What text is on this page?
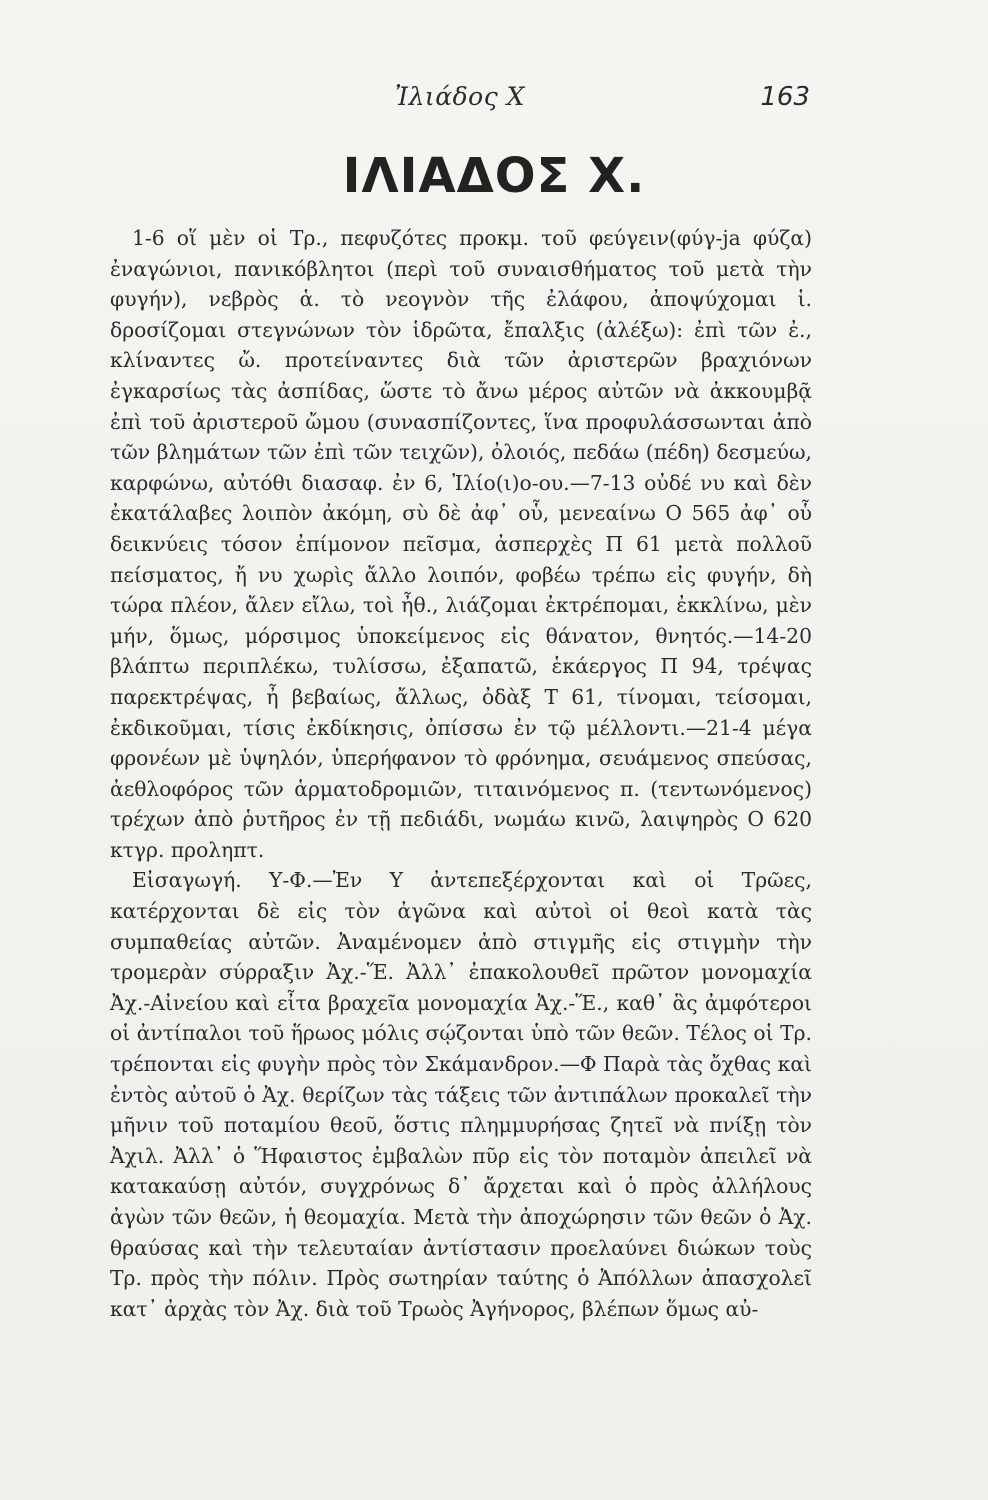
Ἰλιάδος Χ	163
ΙΛΙΑΔΟΣ Χ.

1-6 οἵ μὲν οἱ Τρ., πεφυζότες προκμ. τοῦ φεύγειν(φύγ-ja φύζα) ἐναγώνιοι, πανικόβλητοι (περὶ τοῦ συναισθήματος τοῦ μετὰ τὴν φυγήν), νεβρὸς ἁ. τὸ νεογνὸν τῆς ἐλάφου, ἀποψύχομαι ἱ. δροσίζομαι στεγνώνων τὸν ἱδρῶτα, ἔπαλξις (ἀλέξω): ἐπὶ τῶν ἐ., κλίναντες ὤ. προτείναντες διὰ τῶν ἀριστερῶν βραχιόνων ἐγκαρσίως τὰς ἀσπίδας, ὥστε τὸ ἄνω μέρος αὐτῶν νὰ ἀκκουμβᾷ ἐπὶ τοῦ ἀριστεροῦ ὤμου (συνασπίζοντες, ἵνα προφυλάσσωνται ἀπὸ τῶν βλημάτων τῶν ἐπὶ τῶν τειχῶν), ὀλοιός, πεδάω (πέδη) δεσμεύω, καρφώνω, αὐτόθι διασαφ. ἐν 6, Ἰλίο(ι)ο-ου.—7-13 οὐδέ νυ καὶ δὲν ἐκατάλαβες λοιπὸν ἀκόμη, σὺ δὲ ἀφ᾽ οὗ, μενεαίνω Ο 565 ἀφ᾽ οὗ δεικνύεις τόσον ἐπίμονον πεῖσμα, ἀσπερχὲς Π 61 μετὰ πολλοῦ πείσματος, ἤ νυ χωρὶς ἄλλο λοιπόν, φοβέω τρέπω εἰς φυγήν, δὴ τώρα πλέον, ἄλεν εἴλω, τοὶ ἦθ., λιάζομαι ἐκτρέπομαι, ἐκκλίνω, μὲν μήν, ὅμως, μόρσιμος ὑποκείμενος εἰς θάνατον, θνητός.—14-20 βλάπτω περιπλέκω, τυλίσσω, ἐξαπατῶ, ἑκάεργος Π 94, τρέψας παρεκτρέψας, ἦ βεβαίως, ἄλλως, ὀδὰξ Τ 61, τίνομαι, τείσομαι, ἐκδικοῦμαι, τίσις ἐκδίκησις, ὀπίσσω ἐν τῷ μέλλοντι.—21-4 μέγα φρονέων μὲ ὑψηλόν, ὑπερήφανον τὸ φρόνημα, σευάμενος σπεύσας, ἀεθλοφόρος τῶν ἁρματοδρομιῶν, τιταινόμενος π. (τεντωνόμενος) τρέχων ἀπὸ ῥυτῆρος ἐν τῇ πεδιάδι, νωμάω κινῶ, λαιψηρὸς Ο 620 κτγρ. προληπτ.

Εἰσαγωγή. Υ-Φ.—Ἐν Υ ἀντεπεξέρχονται καὶ οἱ Τρῶες, κατέρχονται δὲ εἰς τὸν ἀγῶνα καὶ αὐτοὶ οἱ θεοὶ κατὰ τὰς συμπαθείας αὐτῶν. Ἀναμένομεν ἀπὸ στιγμῆς εἰς στιγμὴν τὴν τρομερὰν σύρραξιν Ἀχ.-Ἕ. Ἀλλ᾽ ἐπακολουθεῖ πρῶτον μονομαχία Ἀχ.-Αἰνείου καὶ εἶτα βραχεῖα μονομαχία Ἀχ.-Ἕ., καθ᾽ ἃς ἀμφότεροι οἱ ἀντίπαλοι τοῦ ἥρωος μόλις σῴζονται ὑπὸ τῶν θεῶν. Τέλος οἱ Τρ. τρέπονται εἰς φυγὴν πρὸς τὸν Σκάμανδρον.—Φ Παρὰ τὰς ὄχθας καὶ ἐντὸς αὐτοῦ ὁ Ἀχ. θερίζων τὰς τάξεις τῶν ἀντιπάλων προκαλεῖ τὴν μῆνιν τοῦ ποταμίου θεοῦ, ὅστις πλημμυρήσας ζητεῖ νὰ πνίξῃ τὸν Ἀχιλ. Ἀλλ᾽ ὁ Ἥφαιστος ἐμβαλὼν πῦρ εἰς τὸν ποταμὸν ἀπειλεῖ νὰ κατακαύσῃ αὐτόν, συγχρόνως δ᾽ ἄρχεται καὶ ὁ πρὸς ἀλλήλους ἀγὼν τῶν θεῶν, ἡ θεομαχία. Μετὰ τὴν ἀποχώρησιν τῶν θεῶν ὁ Ἀχ. θραύσας καὶ τὴν τελευταίαν ἀντίστασιν προελαύνει διώκων τοὺς Τρ. πρὸς τὴν πόλιν. Πρὸς σωτηρίαν ταύτης ὁ Ἀπόλλων ἀπασχολεῖ κατ᾽ ἀρχὰς τὸν Ἀχ. διὰ τοῦ Τρωὸς Ἀγήνορος, βλέπων ὅμως αὐ-
